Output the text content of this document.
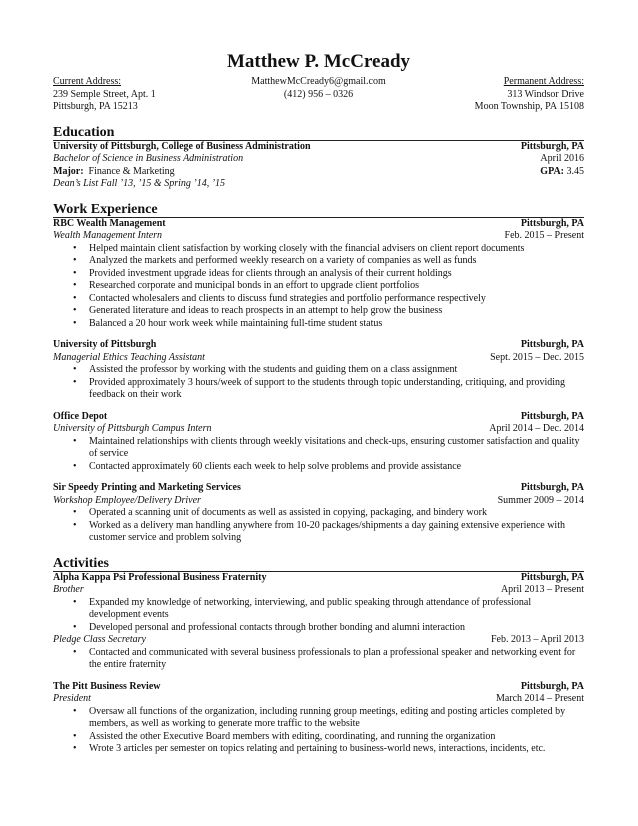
Matthew P. McCready
Current Address:
239 Semple Street, Apt. 1
Pittsburgh, PA 15213
MatthewMcCready6@gmail.com
(412) 956 – 0326
Permanent Address:
313 Windsor Drive
Moon Township, PA 15108
Education
University of Pittsburgh, College of Business Administration	Pittsburgh, PA
Bachelor of Science in Business Administration	April 2016
Major: Finance & Marketing	GPA: 3.45
Dean’s List Fall ’13, ’15 & Spring ’14, ’15
Work Experience
RBC Wealth Management	Pittsburgh, PA
Wealth Management Intern	Feb. 2015 – Present
• Helped maintain client satisfaction by working closely with the financial advisers on client report documents
• Analyzed the markets and performed weekly research on a variety of companies as well as funds
• Provided investment upgrade ideas for clients through an analysis of their current holdings
• Researched corporate and municipal bonds in an effort to upgrade client portfolios
• Contacted wholesalers and clients to discuss fund strategies and portfolio performance respectively
• Generated literature and ideas to reach prospects in an attempt to help grow the business
• Balanced a 20 hour work week while maintaining full-time student status
University of Pittsburgh	Pittsburgh, PA
Managerial Ethics Teaching Assistant	Sept. 2015 – Dec. 2015
• Assisted the professor by working with the students and guiding them on a class assignment
• Provided approximately 3 hours/week of support to the students through topic understanding, critiquing, and providing feedback on their work
Office Depot	Pittsburgh, PA
University of Pittsburgh Campus Intern	April 2014 – Dec. 2014
• Maintained relationships with clients through weekly visitations and check-ups, ensuring customer satisfaction and quality of service
• Contacted approximately 60 clients each week to help solve problems and provide assistance
Sir Speedy Printing and Marketing Services	Pittsburgh, PA
Workshop Employee/Delivery Driver	Summer 2009 – 2014
• Operated a scanning unit of documents as well as assisted in copying, packaging, and bindery work
• Worked as a delivery man handling anywhere from 10-20 packages/shipments a day gaining extensive experience with customer service and problem solving
Activities
Alpha Kappa Psi Professional Business Fraternity	Pittsburgh, PA
Brother	April 2013 – Present
• Expanded my knowledge of networking, interviewing, and public speaking through attendance of professional development events
• Developed personal and professional contacts through brother bonding and alumni interaction
Pledge Class Secretary	Feb. 2013 – April 2013
• Contacted and communicated with several business professionals to plan a professional speaker and networking event for the entire fraternity
The Pitt Business Review	Pittsburgh, PA
President	March 2014 – Present
• Oversaw all functions of the organization, including running group meetings, editing and posting articles completed by members, as well as working to generate more traffic to the website
• Assisted the other Executive Board members with editing, coordinating, and running the organization
• Wrote 3 articles per semester on topics relating and pertaining to business-world news, interactions, incidents, etc.
